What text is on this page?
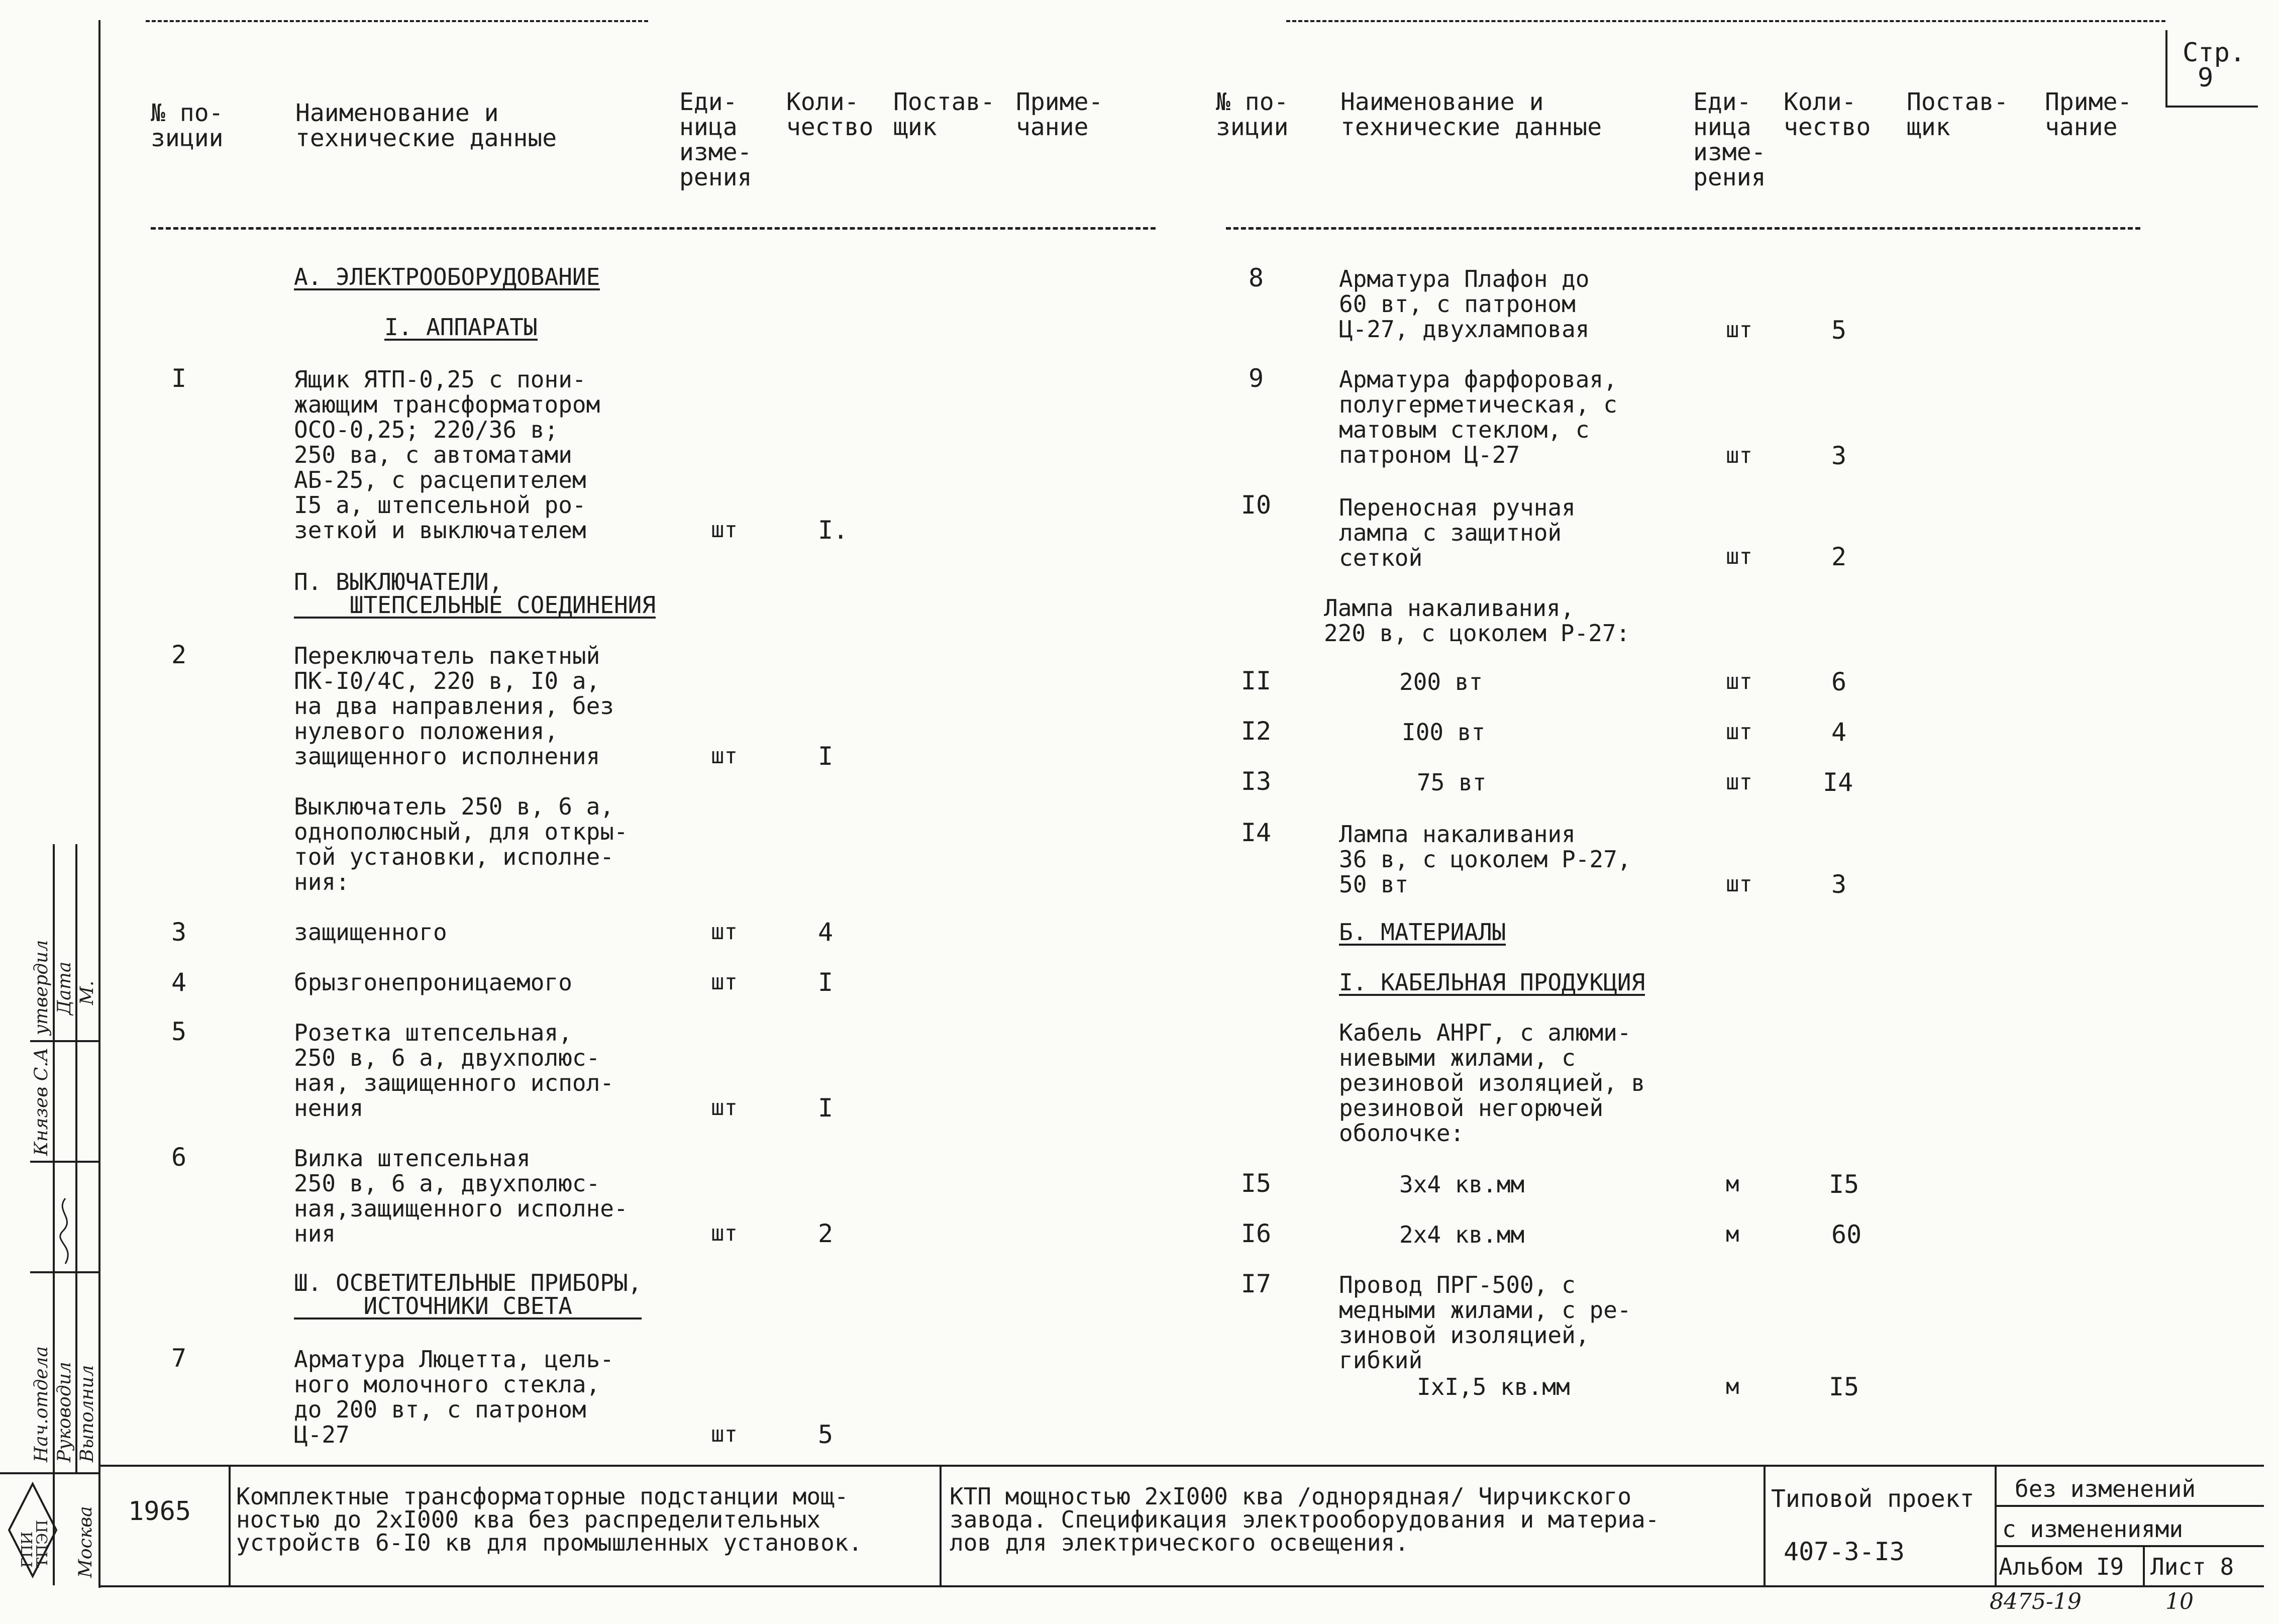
Стр.
9
№ по-
зиции
Наименование и
технические данные
Еди-
ница
изме-
рения
Коли-
чество
Постав-
щик
Приме-
чание
№ по-
зиции
Наименование и
технические данные
Еди-
ница
изме-
рения
Коли-
чество
Постав-
щик
Приме-
чание
А. ЭЛЕКТРООБОРУДОВАНИЕ
I. АППАРАТЫ
I	Ящик ЯТП-0,25 с пони-
жающим трансформатором
ОСО-0,25; 220/36 в;
250 ва, с автоматами
АБ-25, с расцепителем
I5 а, штепсельной ро-
зеткой и выключателем	шт	I.
П. ВЫКЛЮЧАТЕЛИ,
ШТЕПСЕЛЬНЫЕ СОЕДИНЕНИЯ
2	Переключатель пакетный
ПК-I0/4С, 220 в, I0 а,
на два направления, без
нулевого положения,
защищенного исполнения	шт	I
Выключатель 250 в, 6 а,
однополюсный, для откры-
той установки, исполне-
ния:
3	защищенного	шт	4
4	брызгонепроницаемого	шт	I
5	Розетка штепсельная,
250 в, 6 а, двухполюс-
ная, защищенного испол-
нения	шт	I
6	Вилка штепсельная
250 в, 6 а, двухполюс-
ная,защищенного исполне-
ния	шт	2
Ш. ОСВЕТИТЕЛЬНЫЕ ПРИБОРЫ,
ИСТОЧНИКИ СВЕТА
7	Арматура Люцетта, цель-
ного молочного стекла,
до 200 вт, с патроном
Ц-27	шт	5
8	Арматура Плафон до
60 вт, с патроном
Ц-27, двухламповая	шт	5
9	Арматура фарфоровая,
полугерметическая, с
матовым стеклом, с
патроном Ц-27	шт	3
I0	Переносная ручная
лампа с защитной
сеткой	шт	2
Лампа накаливания,
220 в, с цоколем Р-27:
II	200 вт	шт	6
I2	I00 вт	шт	4
I3	75 вт	шт	I4
I4	Лампа накаливания
36 в, с цоколем Р-27,
50 вт	шт	3
Б. МАТЕРИАЛЫ
I. КАБЕЛЬНАЯ ПРОДУКЦИЯ
Кабель АНРГ, с алюми-
ниевыми жилами, с
резиновой изоляцией, в
резиновой негорючей
оболочке:
I5	3х4 кв.мм	м	I5
I6	2х4 кв.мм	м	60
I7	Провод ПРГ-500, с
медными жилами, с ре-
зиновой изоляцией,
гибкий
IхI,5 кв.мм	м	I5
1965 Комплектные трансформаторные подстанции мощ-
ностью до 2хI000 ква без распределительных
устройств 6-I0 кв для промышленных установок.
КТП мощностью 2хI000 ква /однорядная/ Чирчикского
завода. Спецификация электрооборудования и материа-
лов для электрического освещения.
Типовой проект
407-3-I3
без изменений
с изменениями
Альбом I9 Лист 8
8475-19	10
Нач.отдела Руководил Выполнил
Князев С.А
утвердил Дата М.
ГПИ
ТПЭП Москва
